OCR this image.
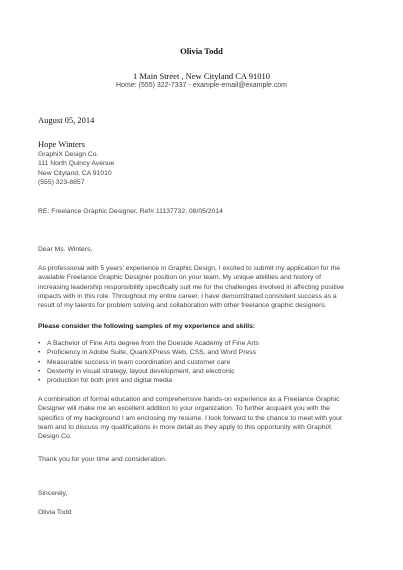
Olivia Todd
1 Main Street , New Cityland CA 91010
Home: (555) 322-7337 - example-email@example.com
August 05, 2014
Hope Winters
GraphiX Design Co.
111 North Quincy Avenue
New Cityland, CA 91010
(555) 323-8857
RE: Freelance Graphic Designer, Ref# 11137732, 08/05/2014
Dear Ms. Winters,
As professional with 5 years' experience in Graphic Design, I excited to submit my application for the
available Freelance Graphic Designer position on your team. My unique abilities and history of
increasing leadership responsibility specifically suit me for the challenges involved in affecting positive
impacts with in this role. Throughout my entire career, I have demonstrated consistent success as a
result of my talents for problem solving and collaboration with other freelance graphic designers.
Please consider the following samples of my experience and skills:
• A Bachelor of Fine Arts degree from the Doeside Academy of Fine Arts
• Proficiency in Adobe Suite, QuarkXPress Web, CSS, and Word Press
• Measurable success in team coordination and customer care
• Dexterity in visual strategy, layout development, and electronic
• production for both print and digital media
A combination of formal education and comprehensive hands-on experience as a Freelance Graphic
Designer will make me an excellent addition to your organization. To further acquaint you with the
specifics of my background I am enclosing my resume. I look forward to the chance to meet with your
team and to discuss my qualifications in more detail as they apply to this opportunity with GraphiX
Design Co.
Thank you for your time and consideration.
Sincerely,
Olivia Todd
